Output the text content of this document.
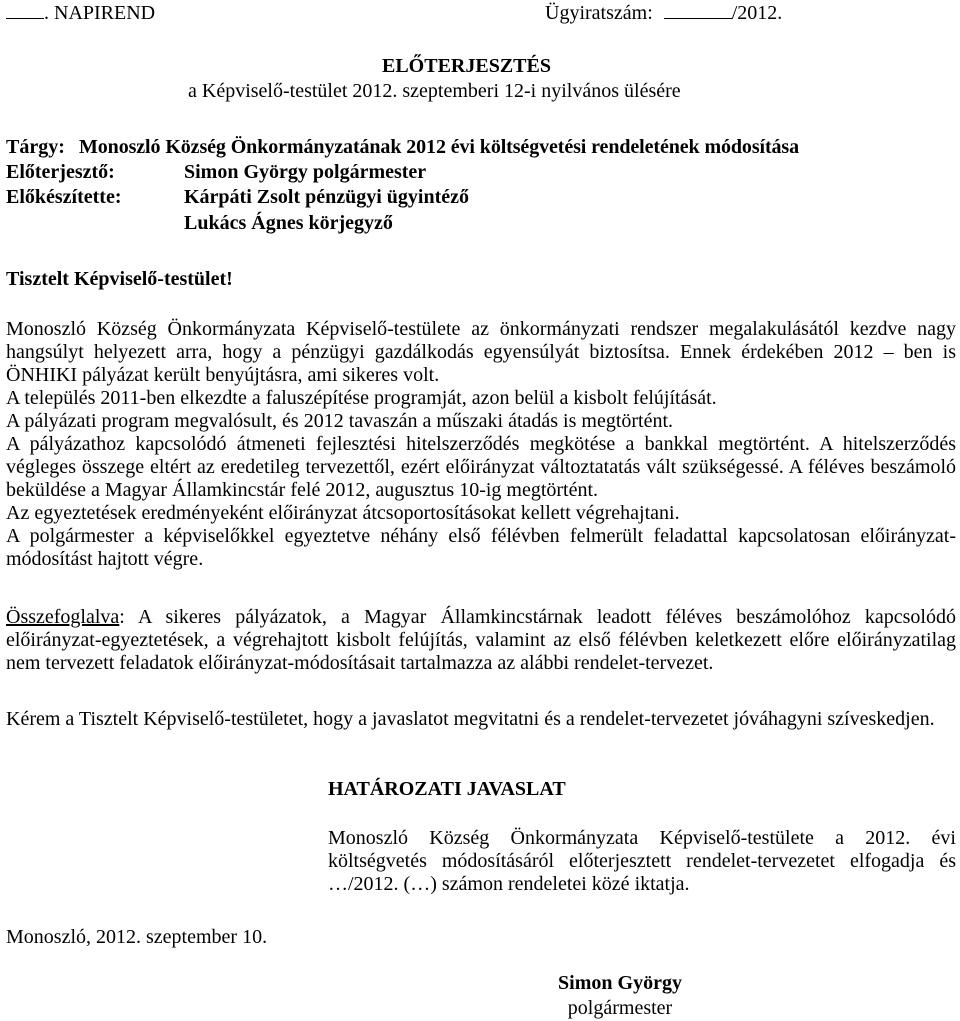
. NAPIREND	Ügyiratszám:	/2012.
ELŐTERJESZTÉS
a Képviselő-testület 2012. szeptemberi 12-i nyilvános ülésére
Tárgy: Monoszló Község Önkormányzatának 2012 évi költségvetési rendeletének módosítása
Előterjesztő:	Simon György polgármester
Előkészítette:	Kárpáti Zsolt pénzügyi ügyintéző
Lukács Ágnes körjegyző
Tisztelt Képviselő-testület!

Monoszló Község Önkormányzata Képviselő-testülete az önkormányzati rendszer megalakulásától kezdve nagy hangsúlyt helyezett arra, hogy a pénzügyi gazdálkodás egyensúlyát biztosítsa. Ennek érdekében 2012 – ben is ÖNHIKI pályázat került benyújtásra, ami sikeres volt.

A település 2011-ben elkezdte a faluszépítése programját, azon belül a kisbolt felújítását.

A pályázati program megvalósult, és 2012 tavaszán a műszaki átadás is megtörtént.

A pályázathoz kapcsolódó átmeneti fejlesztési hitelszerződés megkötése a bankkal megtörtént. A hitelszerződés végleges összege eltért az eredetileg tervezettől, ezért előirányzat változtatatás vált szükségessé. A féléves beszámoló beküldése a Magyar Államkincstár felé 2012, augusztus 10-ig megtörtént.

Az egyeztetések eredményeként előirányzat átcsoportosításokat kellett végrehajtani.

A polgármester a képviselőkkel egyeztetve néhány első félévben felmerült feladattal kapcsolatosan előirányzat-módosítást hajtott végre.

Összefoglalva: A sikeres pályázatok, a Magyar Államkincstárnak leadott féléves beszámolóhoz kapcsolódó előirányzat-egyeztetések, a végrehajtott kisbolt felújítás, valamint az első félévben keletkezett előre előirányzatilag nem tervezett feladatok előirányzat-módosításait tartalmazza az alábbi rendelet-tervezet.

Kérem a Tisztelt Képviselő-testületet, hogy a javaslatot megvitatni és a rendelet-tervezetet jóváhagyni szíveskedjen.
HATÁROZATI JAVASLAT
Monoszló Község Önkormányzata Képviselő-testülete a 2012. évi költségvetés módosításáról előterjesztett rendelet-tervezetet elfogadja és …/2012. (…) számon rendeletei közé iktatja.
Monoszló, 2012. szeptember 10.
Simon György
polgármester
